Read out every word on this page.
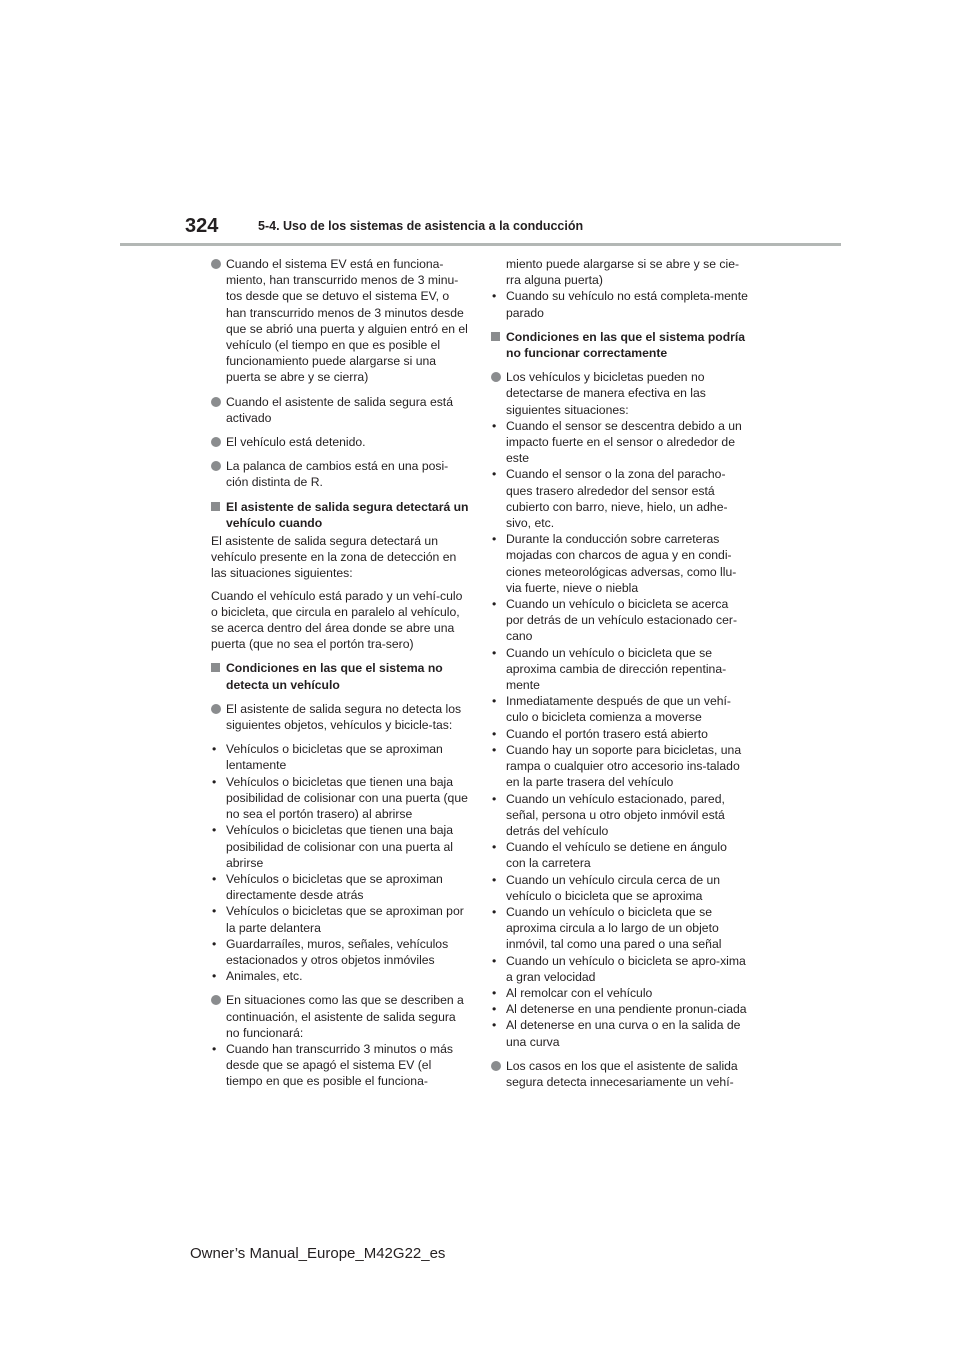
324	5-4. Uso de los sistemas de asistencia a la conducción
Cuando el sistema EV está en funciona-miento, han transcurrido menos de 3 minu-tos desde que se detuvo el sistema EV, o han transcurrido menos de 3 minutos desde que se abrió una puerta y alguien entró en el vehículo (el tiempo en que es posible el funcionamiento puede alargarse si una puerta se abre y se cierra)
Cuando el asistente de salida segura está activado
El vehículo está detenido.
La palanca de cambios está en una posi-ción distinta de R.
El asistente de salida segura detectará un vehículo cuando
El asistente de salida segura detectará un vehículo presente en la zona de detección en las situaciones siguientes:
Cuando el vehículo está parado y un vehí-culo o bicicleta, que circula en paralelo al vehículo, se acerca dentro del área donde se abre una puerta (que no sea el portón tra-sero)
Condiciones en las que el sistema no detecta un vehículo
El asistente de salida segura no detecta los siguientes objetos, vehículos y bicicle-tas:
• Vehículos o bicicletas que se aproximan lentamente
• Vehículos o bicicletas que tienen una baja posibilidad de colisionar con una puerta (que no sea el portón trasero) al abrirse
• Vehículos o bicicletas que tienen una baja posibilidad de colisionar con una puerta al abrirse
• Vehículos o bicicletas que se aproximan directamente desde atrás
• Vehículos o bicicletas que se aproximan por la parte delantera
• Guardarraíles, muros, señales, vehículos estacionados y otros objetos inmóviles
• Animales, etc.
En situaciones como las que se describen a continuación, el asistente de salida segura no funcionará:
• Cuando han transcurrido 3 minutos o más desde que se apagó el sistema EV (el tiempo en que es posible el funciona-
miento puede alargarse si se abre y se cie-rra alguna puerta)
• Cuando su vehículo no está completa-mente parado
Condiciones en las que el sistema podría no funcionar correctamente
Los vehículos y bicicletas pueden no detectarse de manera efectiva en las siguientes situaciones:
• Cuando el sensor se descentra debido a un impacto fuerte en el sensor o alrededor de este
• Cuando el sensor o la zona del paracho-ques trasero alrededor del sensor está cubierto con barro, nieve, hielo, un adhe-sivo, etc.
• Durante la conducción sobre carreteras mojadas con charcos de agua y en condi-ciones meteorológicas adversas, como llu-via fuerte, nieve o niebla
• Cuando un vehículo o bicicleta se acerca por detrás de un vehículo estacionado cer-cano
• Cuando un vehículo o bicicleta que se aproxima cambia de dirección repentina-mente
• Inmediatamente después de que un vehí-culo o bicicleta comienza a moverse
• Cuando el portón trasero está abierto
• Cuando hay un soporte para bicicletas, una rampa o cualquier otro accesorio ins-talado en la parte trasera del vehículo
• Cuando un vehículo estacionado, pared, señal, persona u otro objeto inmóvil está detrás del vehículo
• Cuando el vehículo se detiene en ángulo con la carretera
• Cuando un vehículo circula cerca de un vehículo o bicicleta que se aproxima
• Cuando un vehículo o bicicleta que se aproxima circula a lo largo de un objeto inmóvil, tal como una pared o una señal
• Cuando un vehículo o bicicleta se apro-xima a gran velocidad
• Al remolcar con el vehículo
• Al detenerse en una pendiente pronun-ciada
• Al detenerse en una curva o en la salida de una curva
Los casos en los que el asistente de salida segura detecta innecesariamente un vehí-
Owner’s Manual_Europe_M42G22_es
